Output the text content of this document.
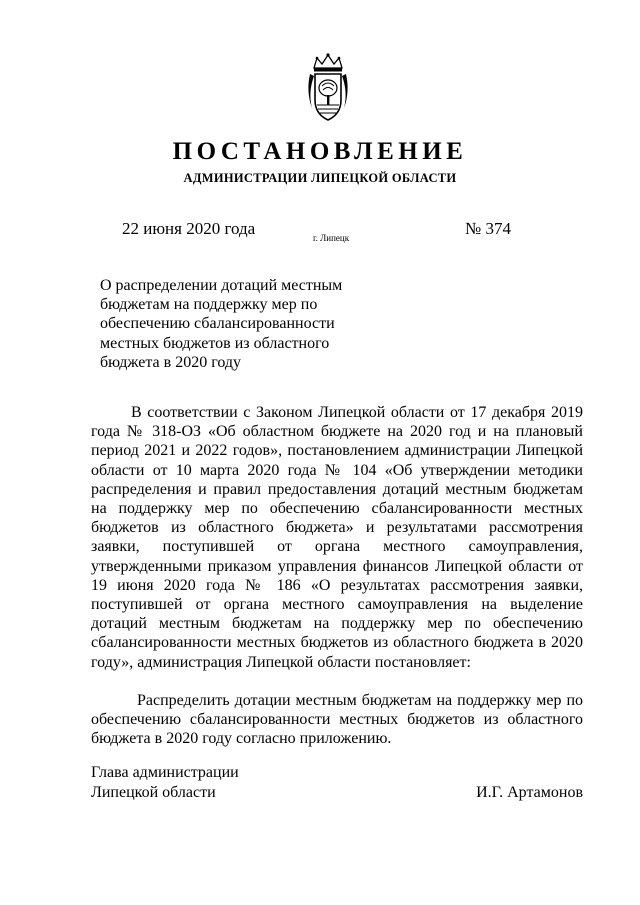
ПОСТАНОВЛЕНИЕ
АДМИНИСТРАЦИИ ЛИПЕЦКОЙ ОБЛАСТИ
22 июня 2020 года	г. Липецк	№ 374
О распределении дотаций местным
бюджетам на поддержку мер по
обеспечению сбалансированности
местных бюджетов из областного
бюджета в 2020 году

В соответствии с Законом Липецкой области от 17 декабря 2019 года № 318-ОЗ «Об областном бюджете на 2020 год и на плановый период 2021 и 2022 годов», постановлением администрации Липецкой области от 10 марта 2020 года № 104 «Об утверждении методики распределения и правил предоставления дотаций местным бюджетам на поддержку мер по обеспечению сбалансированности местных бюджетов из областного бюджета» и результатами рассмотрения заявки, поступившей от органа местного самоуправления, утвержденными приказом управления финансов Липецкой области от 19 июня 2020 года № 186 «О результатах рассмотрения заявки, поступившей от органа местного самоуправления на выделение дотаций местным бюджетам на поддержку мер по обеспечению сбалансированности местных бюджетов из областного бюджета в 2020 году», администрация Липецкой области постановляет:

Распределить дотации местным бюджетам на поддержку мер по обеспечению сбалансированности местных бюджетов из областного бюджета в 2020 году согласно приложению.

Глава администрации
Липецкой области	И.Г. Артамонов
